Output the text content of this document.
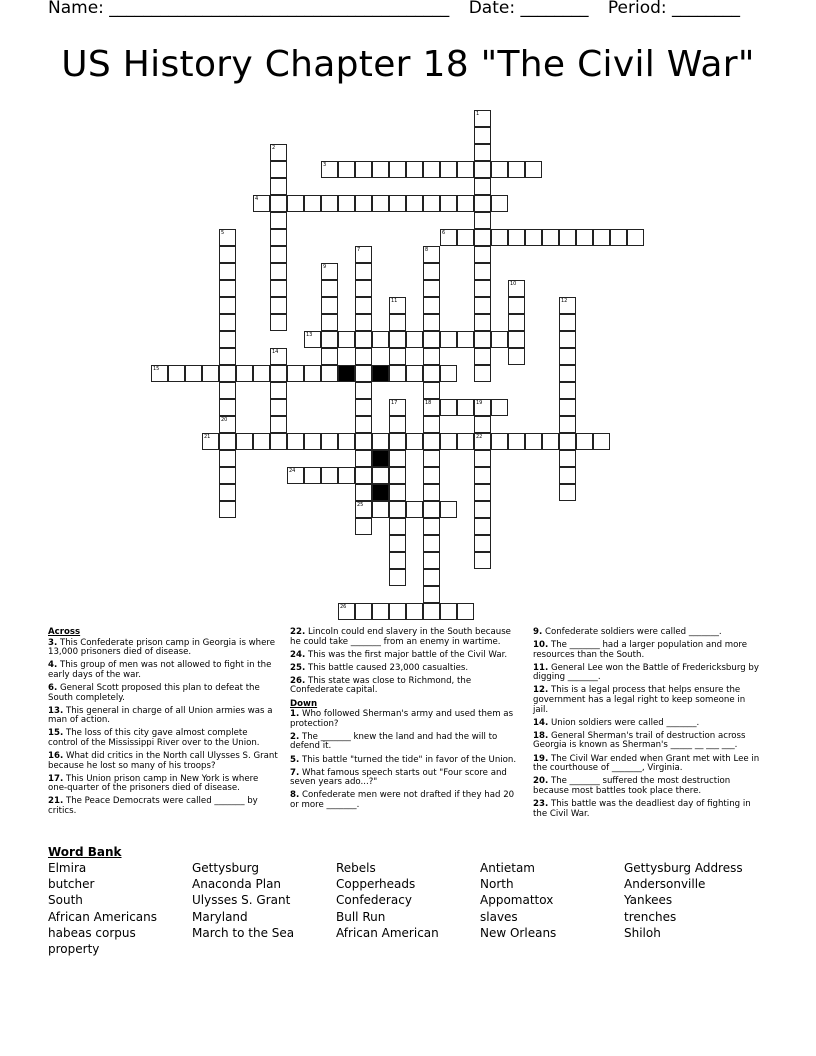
Name: ________________________________________ Date: ________ Period: ________
US History Chapter 18 "The Civil War"
1
2
3
4
5	6
7	8
9
10
11	12
13
14
15	16
17	18	19
20
21	22
23
24
25
26

Across

3. This Confederate prison camp in Georgia is where 13,000 prisoners died of disease.

4. This group of men was not allowed to fight in the early days of the war.

6. General Scott proposed this plan to defeat the South completely.

13. This general in charge of all Union armies was a man of action.

15. The loss of this city gave almost complete control of the Mississippi River over to the Union.

16. What did critics in the North call Ulysses S. Grant because he lost so many of his troops?

17. This Union prison camp in New York is where one-quarter of the prisoners died of disease.

21. The Peace Democrats were called _______ by critics.

22. Lincoln could end slavery in the South because he could take _______ from an enemy in wartime.

24. This was the first major battle of the Civil War.

25. This battle caused 23,000 casualties.

26. This state was close to Richmond, the Confederate capital.

Down

1. Who followed Sherman's army and used them as protection?

2. The _______ knew the land and had the will to defend it.

5. This battle "turned the tide" in favor of the Union.

7. What famous speech starts out "Four score and seven years ado...?"

8. Confederate men were not drafted if they had 20 or more _______.

9. Confederate soldiers were called _______.

10. The _______ had a larger population and more resources than the South.

11. General Lee won the Battle of Fredericksburg by digging _______.

12. This is a legal process that helps ensure the government has a legal right to keep someone in jail.

14. Union soldiers were called _______.

18. General Sherman's trail of destruction across Georgia is known as Sherman's _____ __ ___ ___.

19. The Civil War ended when Grant met with Lee in the courthouse of _______, Virginia.

20. The _______ suffered the most destruction because most battles took place there.

23. This battle was the deadliest day of fighting in the Civil War.

Word Bank
Elmira
butcher
South
African Americans
habeas corpus
property
Gettysburg
Anaconda Plan
Ulysses S. Grant
Maryland
March to the Sea
Rebels
Copperheads
Confederacy
Bull Run
African American
Antietam
North
Appomattox
slaves
New Orleans
Gettysburg Address
Andersonville
Yankees
trenches
Shiloh
